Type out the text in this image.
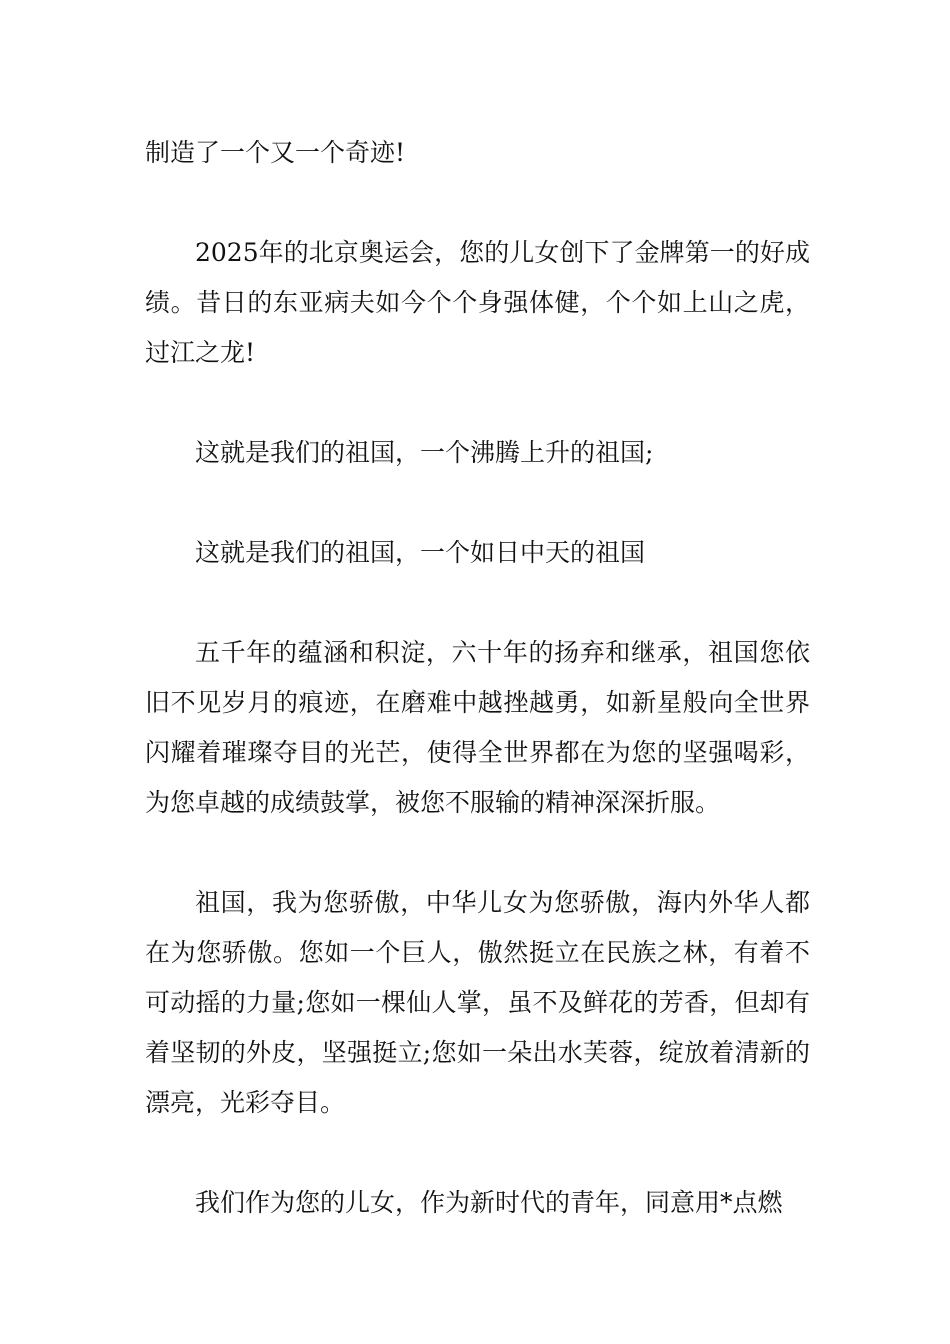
制造了一个又一个奇迹!

2025年的北京奥运会，您的儿女创下了金牌第一的好成绩。昔日的东亚病夫如今个个身强体健，个个如上山之虎，过江之龙!

这就是我们的祖国，一个沸腾上升的祖国;

这就是我们的祖国，一个如日中天的祖国

五千年的蕴涵和积淀，六十年的扬弃和继承，祖国您依旧不见岁月的痕迹，在磨难中越挫越勇，如新星般向全世界闪耀着璀璨夺目的光芒，使得全世界都在为您的坚强喝彩，为您卓越的成绩鼓掌，被您不服输的精神深深折服。

祖国，我为您骄傲，中华儿女为您骄傲，海内外华人都在为您骄傲。您如一个巨人，傲然挺立在民族之林，有着不可动摇的力量;您如一棵仙人掌，虽不及鲜花的芳香，但却有着坚韧的外皮，坚强挺立;您如一朵出水芙蓉，绽放着清新的漂亮，光彩夺目。

我们作为您的儿女，作为新时代的青年，同意用*点燃
